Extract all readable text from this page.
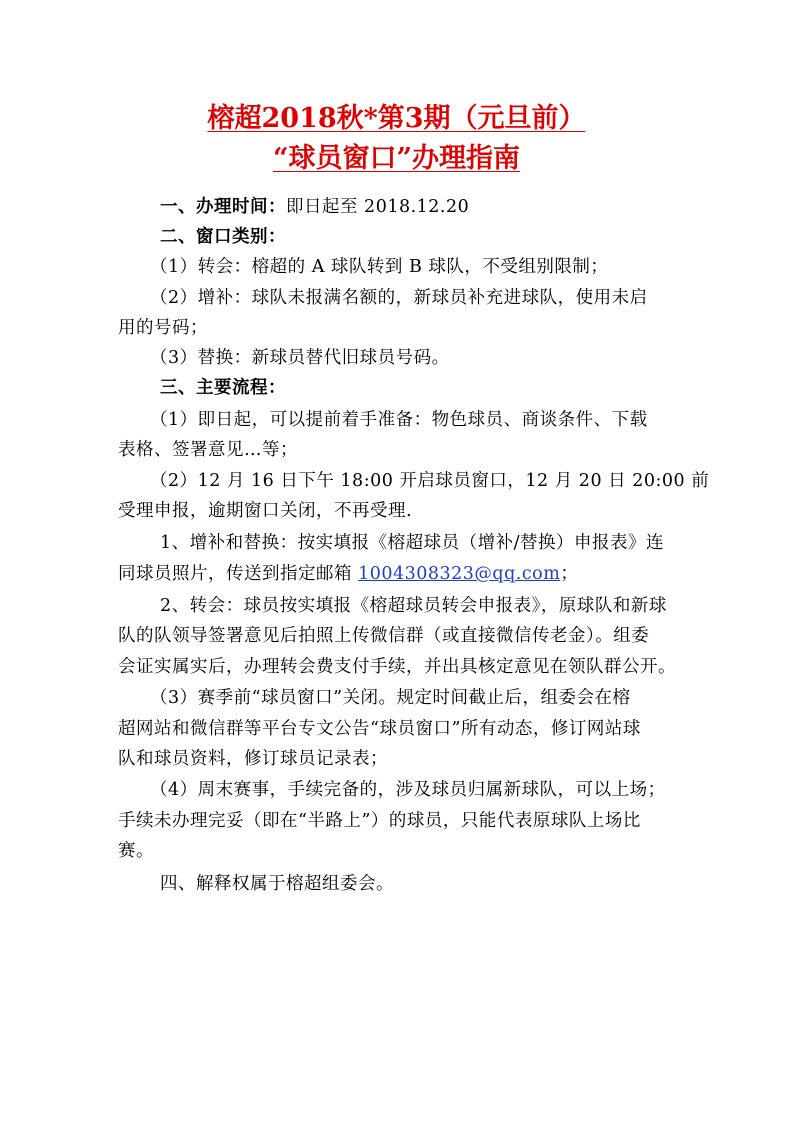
榕超2018秋*第3期（元旦前）
“球员窗口”办理指南
一、办理时间：即日起至 2018.12.20
二、窗口类别：
（1）转会：榕超的 A 球队转到 B 球队，不受组别限制；
（2）增补：球队未报满名额的，新球员补充进球队，使用未启
用的号码；
（3）替换：新球员替代旧球员号码。
三、主要流程：
（1）即日起，可以提前着手准备：物色球员、商谈条件、下载
表格、签署意见…等；
（2）12 月 16 日下午 18:00 开启球员窗口，12 月 20 日 20:00 前
受理申报，逾期窗口关闭，不再受理.
1、增补和替换：按实填报《榕超球员（增补/替换）申报表》连
同球员照片，传送到指定邮箱 1004308323@qq.com；
2、转会：球员按实填报《榕超球员转会申报表》，原球队和新球
队的队领导签署意见后拍照上传微信群（或直接微信传老金）。组委
会证实属实后，办理转会费支付手续，并出具核定意见在领队群公开。
（3）赛季前“球员窗口”关闭。规定时间截止后，组委会在榕
超网站和微信群等平台专文公告“球员窗口”所有动态，修订网站球
队和球员资料，修订球员记录表；
（4）周末赛事，手续完备的，涉及球员归属新球队，可以上场；
手续未办理完妥（即在“半路上”）的球员，只能代表原球队上场比
赛。
四、解释权属于榕超组委会。
